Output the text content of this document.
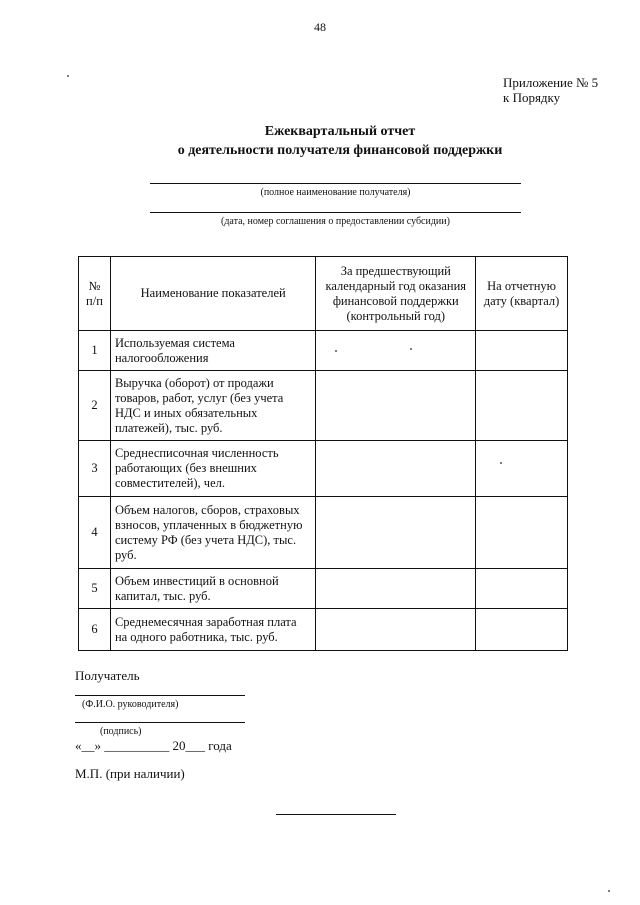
48
Приложение № 5
к Порядку
Ежеквартальный отчет
о деятельности получателя финансовой поддержки
(полное наименование получателя)
(дата, номер соглашения о предоставлении субсидии)
№ п/п	Наименование показателей	За предшествующий календарный год оказания финансовой поддержки (контрольный год)	На отчетную дату (квартал)
1	Используемая система налогообложения		
2	Выручка (оборот) от продажи товаров, работ, услуг (без учета НДС и иных обязательных платежей), тыс. руб.		
3	Среднесписочная численность работающих (без внешних совместителей), чел.		
4	Объем налогов, сборов, страховых взносов, уплаченных в бюджетную систему РФ (без учета НДС), тыс. руб.		
5	Объем инвестиций в основной капитал, тыс. руб.		
6	Среднемесячная заработная плата на одного работника, тыс. руб.		
Получатель
(Ф.И.О. руководителя)
(подпись)
«__» __________ 20___ года
М.П. (при наличии)
